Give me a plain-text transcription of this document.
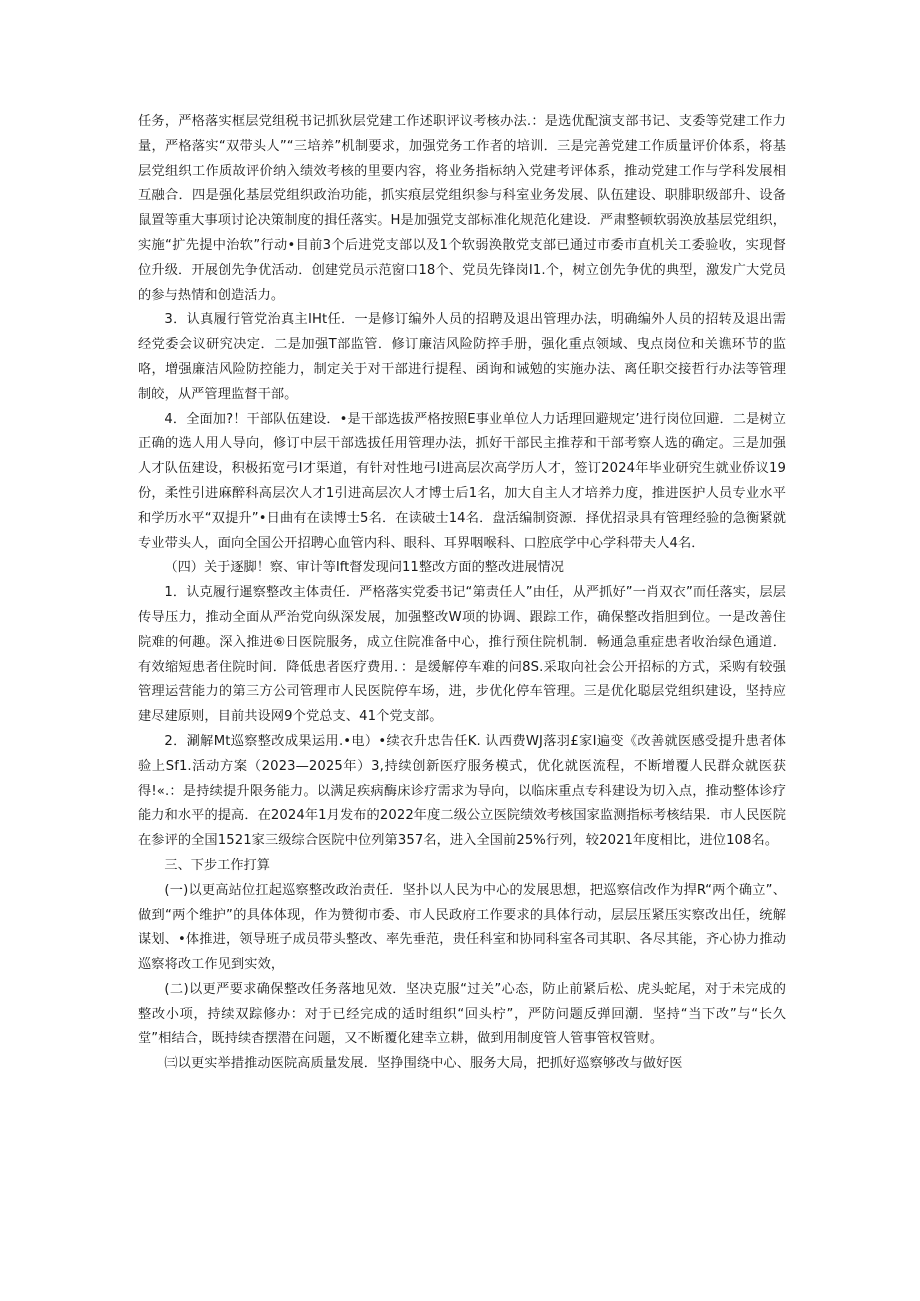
任务，严格落实框层党组税书记抓狄层党建工作述职评议考核办法.：是选优配演支部书记、支委等党建工作力量，严格落实“双带头人”“三培养”机制要求，加强党务工作者的培训．三是完善党建工作质量评价体系，将基层党组织工作质故评价纳入绩效考核的里要内容，将业务指标纳入党建考评体系，推动党建工作与学科发展相互融合．四是强化基层党组织政治功能，抓实痕层党组织参与科室业务发展、队伍建设、职腓职级部升、设备鼠置等重大事项讨论决策制度的揖任落实。H是加强党支部标准化规范化建设．严肃整顿软弱涣放基层党组织，实施“扩先提中治软”行动•目前3个后进党支部以及1个软弱涣散党支部已通过市委市直机关工委验收，实现督位升级．开展创先争优活动．创建党员示范窗口18个、党员先锋岗I1.个，树立创先争优的典型，激发广大党员的参与热情和创造活力。

3．认真履行管党治真主IHt任．一是修订编外人员的招聘及退出管理办法，明确编外人员的招转及退出需经党委会议研究决定．二是加强T部监管．修订廉洁风险防捽手册，强化重点领域、曳点岗位和关谯环节的监咯，增强廉洁风险防控能力，制定关于对干部进行提程、函询和诫勉的实施办法、离任职交接哲行办法等管理制皎，从严管理监督干部。

4．全面加?！干部队伍建设．•是干部选拔严格按照E事业单位人力话理回避规定’进行岗位回避．二是树立正确的选人用人导向，修订中层干部选拔任用管理办法，抓好干部民主推荐和干部考察人选的确定。三是加强人才队伍建设，积极拓宽弓I才渠道，有针对性地弓I进高层次高学历人才，签订2024年毕业研究生就业侨议19份，柔性引进麻醉科高层次人才1引进高层次人才博士后1名，加大自主人才培养力度，推进医护人员专业水平和学历水平“双提升”•日曲有在读博士5名．在读破士14名．盘活编制资源．择优招录具有管理经验的急衡紧就专业带头人，面向全国公开招聘心血管内科、眼科、耳界咽喉科、口腔底学中心学科带夫人4名．

（四）关于逐脚！察、审计等Ift督发现问11整改方面的整改进展情况

1．认克履行暹察整改主体责任．严格落实党委书记“第责任人”由任，从严抓好”一肖双衣”而任落实，层层传导压力，推动全面从严治党向纵深发展，加强整改W项的协调、跟踪工作，确保整改指胆到位。一是改善住院难的何趣。深入推进⑥日医院服务，成立住院准备中心，推行预住院机制．畅通急重症患者收治绿色通道．有效缩短患者住院时间．降低患者医疗费用．：是缓解停车难的问8S.采取向社会公开招标的方式，采购有较强管理运营能力的第三方公司管理市人民医院停车场，进，步优化停车管理。三是优化聪层党组织建设，坚持应建尽建原则，目前共设网9个党总支、41个党支部。

2．涮解Mt巡察整改成果运用.•电）•续衣升忠告任K. 认西费WJ落羽£家I遍变《改善就医感受提升患者体验上Sf1.活动方案（2023—2025年）3,持续创新医疗服务模式，优化就医流程，不断增覆人民群众就医获得!«.：是持续提升限务能力。以满足疾病酶床诊疗需求为导向，以临床重点专科建设为切入点，推动整体诊疗能力和水平的提高．在2024年1月发布的2022年度二级公立医院绩效考核国家监测指标考核结果．市人民医院在参评的全国1521家三级综合医院中位列第357名，进入全国前25%行列，较2021年度相比，进位108名。

三、下步工作打算

(一)以更高站位扛起巡察整改政治责任．坚扑以人民为中心的发展思想，把巡察信改作为捍R“两个确立”、做到“两个维护”的具体体现，作为赞彻市委、市人民政府工作要求的具体行动，层层压紧压实察改出任，统解谋划、•体推进，领导班子成员带头整改、率先垂范，贵任科室和协同科室各司其职、各尽其能，齐心协力推动巡察将改工作见到实效，

(二)以更严要求确保整改任务落地见效．坚决克服“过关”心态，防止前紧后松、虎头蛇尾，对于未完成的整改小项，持续双踪修办：对于已经完成的适时组织“回头柠”，严防问题反弹回潮．坚持“当下改”与“长久堂”相结合，既持续杳摆潜在问题，又不断覆化建幸立耕，做到用制度管人管事管权管财。

㈢以更实举措推动医院高质量发展．坚挣围绕中心、服务大局，把抓好巡察够改与做好医
